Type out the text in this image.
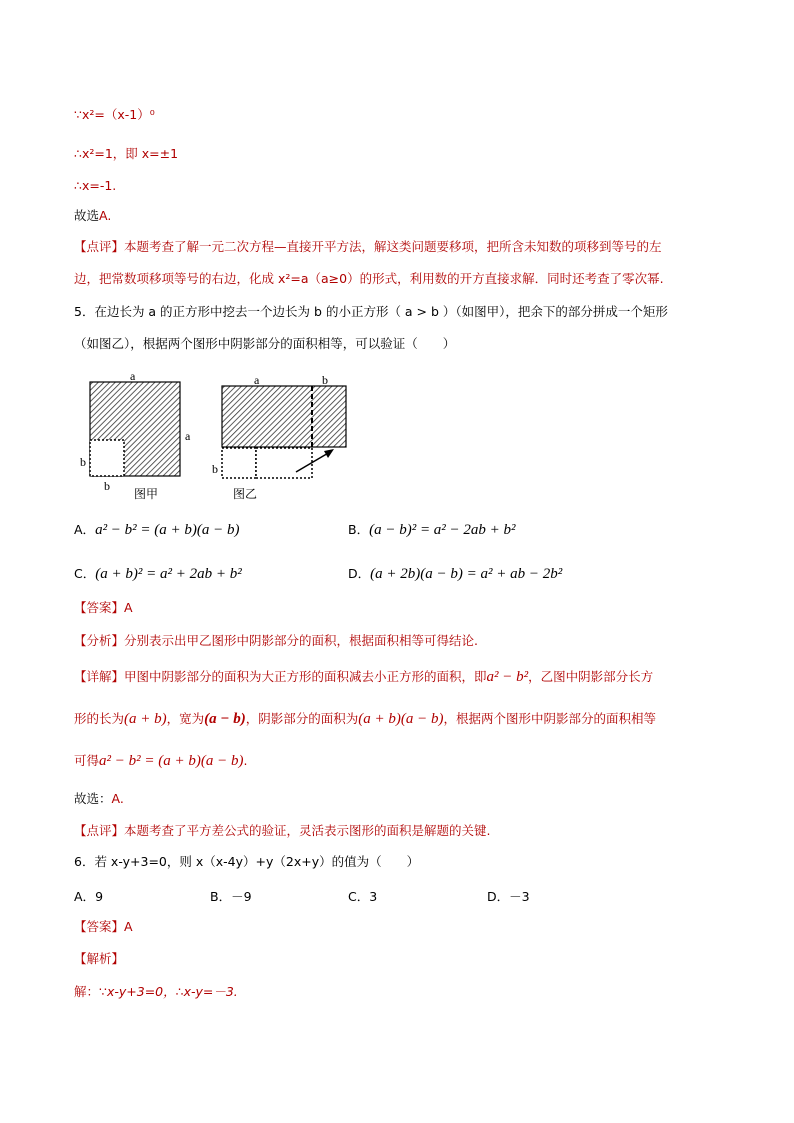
∵x²=（x-1）⁰
∴x²=1，即 x=±1
∴x=-1.
故选A.
【点评】本题考查了解一元二次方程—直接开平方法，解这类问题要移项，把所含未知数的项移到等号的左
边，把常数项移项等号的右边，化成 x²=a（a≥0）的形式，利用数的开方直接求解．同时还考查了零次幂.
5．在边长为 a 的正方形中挖去一个边长为 b 的小正方形（ a > b ）（如图甲），把余下的部分拼成一个矩形
（如图乙），根据两个图形中阴影部分的面积相等，可以验证（　　）
a
a
b
b
图甲
a	b
b
图乙
A．a² − b² = (a + b)(a − b)	B．(a − b)² = a² − 2ab + b²
C．(a + b)² = a² + 2ab + b²	D．(a + 2b)(a − b) = a² + ab − 2b²
【答案】A
【分析】分别表示出甲乙图形中阴影部分的面积，根据面积相等可得结论.
【详解】甲图中阴影部分的面积为大正方形的面积减去小正方形的面积，即a² − b²，乙图中阴影部分长方
形的长为(a + b)，宽为(a − b)，阴影部分的面积为(a + b)(a − b)，根据两个图形中阴影部分的面积相等
可得a² − b² = (a + b)(a − b).
故选：A.
【点评】本题考查了平方差公式的验证，灵活表示图形的面积是解题的关键.
6．若 x-y+3=0，则 x（x-4y）+y（2x+y）的值为（　　）
A．9	B．－9	C．3	D．－3
【答案】A
【解析】
解：∵x-y+3=0，∴x-y=－3.
